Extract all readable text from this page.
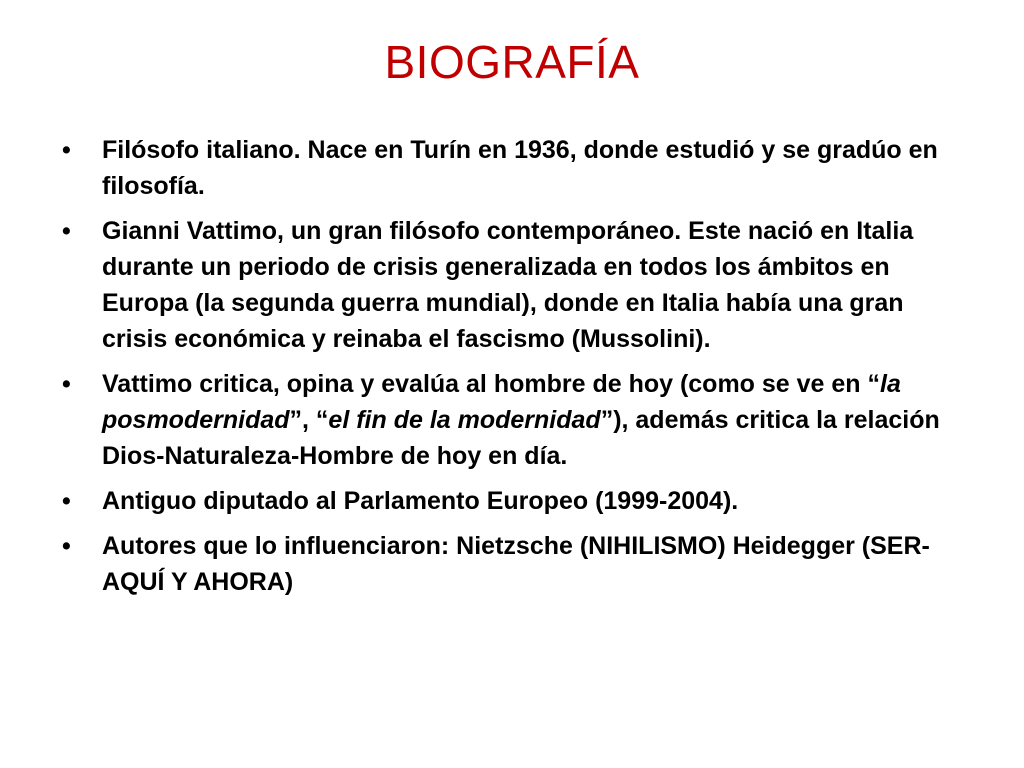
BIOGRAFÍA
•	Filósofo italiano. Nace en Turín en 1936, donde estudió y se gradúo en filosofía.
•	Gianni Vattimo, un gran filósofo contemporáneo. Este nació en Italia durante un periodo de crisis generalizada en todos los ámbitos en Europa (la segunda guerra mundial), donde en Italia había una gran crisis económica y reinaba el fascismo (Mussolini).
•	Vattimo critica, opina y evalúa al hombre de hoy (como se ve en “la posmodernidad”, “el fin de la modernidad”), además critica la relación Dios-Naturaleza-Hombre de hoy en día.
•	Antiguo diputado al Parlamento Europeo (1999-2004).
•	Autores que lo influenciaron: Nietzsche (NIHILISMO) Heidegger (SER-AQUÍ Y AHORA)
